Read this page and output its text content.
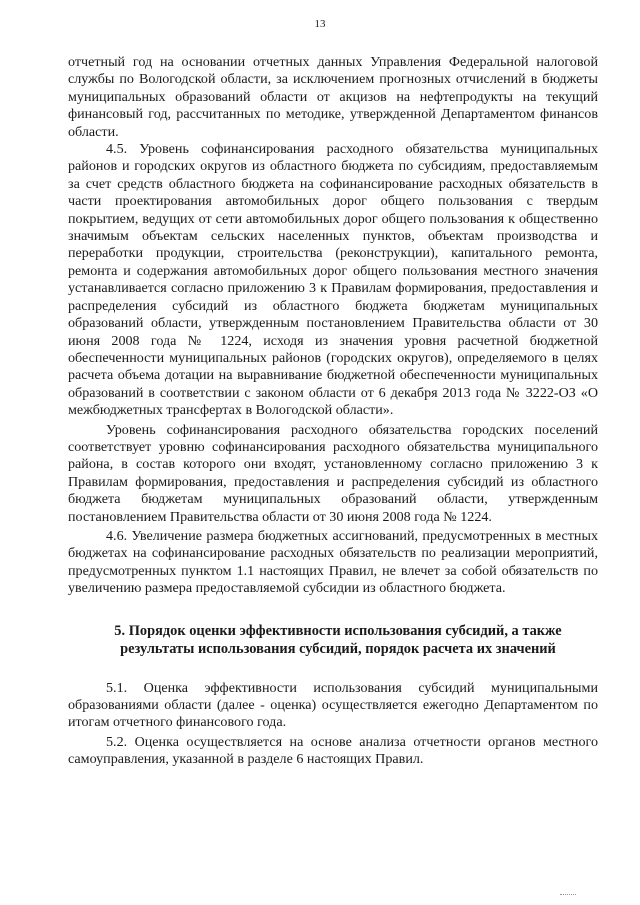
13

отчетный год на основании отчетных данных Управления Федеральной налоговой службы по Вологодской области, за исключением прогнозных отчислений в бюджеты муниципальных образований области от акцизов на нефтепродукты на текущий финансовый год, рассчитанных по методике, утвержденной Департаментом финансов области.

4.5. Уровень софинансирования расходного обязательства муниципальных районов и городских округов из областного бюджета по субсидиям, предоставляемым за счет средств областного бюджета на софинансирование расходных обязательств в части проектирования автомобильных дорог общего пользования с твердым покрытием, ведущих от сети автомобильных дорог общего пользования к общественно значимым объектам сельских населенных пунктов, объектам производства и переработки продукции, строительства (реконструкции), капитального ремонта, ремонта и содержания автомобильных дорог общего пользования местного значения устанавливается согласно приложению 3 к Правилам формирования, предоставления и распределения субсидий из областного бюджета бюджетам муниципальных образований области, утвержденным постановлением Правительства области от 30 июня 2008 года № 1224, исходя из значения уровня расчетной бюджетной обеспеченности муниципальных районов (городских округов), определяемого в целях расчета объема дотации на выравнивание бюджетной обеспеченности муниципальных образований в соответствии с законом области от 6 декабря 2013 года № 3222-ОЗ «О межбюджетных трансфертах в Вологодской области».

Уровень софинансирования расходного обязательства городских поселений соответствует уровню софинансирования расходного обязательства муниципального района, в состав которого они входят, установленному согласно приложению 3 к Правилам формирования, предоставления и распределения субсидий из областного бюджета бюджетам муниципальных образований области, утвержденным постановлением Правительства области от 30 июня 2008 года № 1224.

4.6. Увеличение размера бюджетных ассигнований, предусмотренных в местных бюджетах на софинансирование расходных обязательств по реализации мероприятий, предусмотренных пунктом 1.1 настоящих Правил, не влечет за собой обязательств по увеличению размера предоставляемой субсидии из областного бюджета.

5. Порядок оценки эффективности использования субсидий, а также результаты использования субсидий, порядок расчета их значений

5.1. Оценка эффективности использования субсидий муниципальными образованиями области (далее - оценка) осуществляется ежегодно Департаментом по итогам отчетного финансового года.

5.2. Оценка осуществляется на основе анализа отчетности органов местного самоуправления, указанной в разделе 6 настоящих Правил.
